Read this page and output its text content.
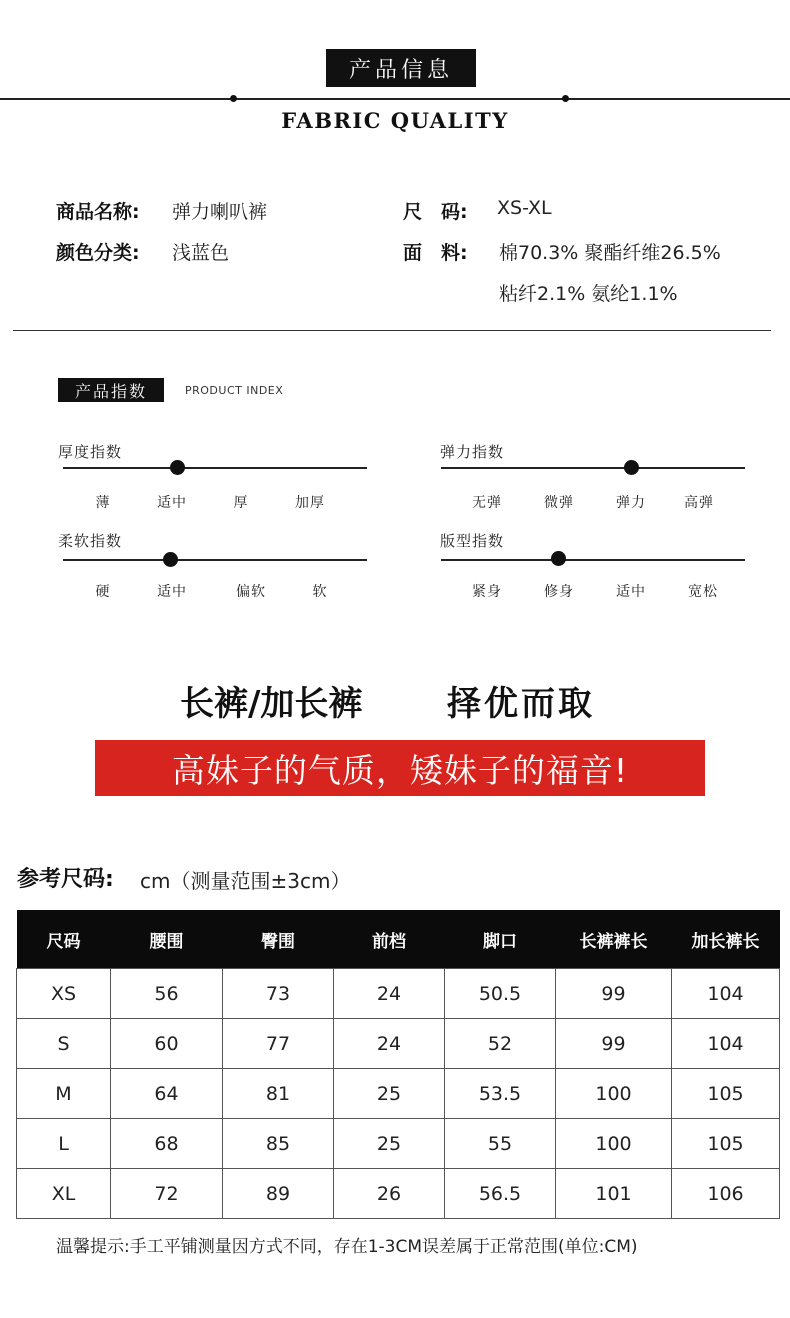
产品信息
FABRIC QUALITY
商品名称: 弹力喇叭裤
颜色分类: 浅蓝色
尺　码: XS-XL
面　料: 棉70.3% 聚酯纤维26.5%
粘纤2.1% 氨纶1.1%
产品指数	PRODUCT INDEX
厚度指数
薄	适中	厚	加厚
弹力指数
无弹	微弹	弹力	高弹
柔软指数
硬	适中	偏软	软
版型指数
紧身	修身	适中	宽松
长裤/加长裤 择优而取
高妹子的气质，矮妹子的福音!
参考尺码: cm（测量范围±3cm）
尺码	腰围	臀围	前档	脚口	长裤裤长	加长裤长
XS	56	73	24	50.5	99	104
S	60	77	24	52	99	104
M	64	81	25	53.5	100	105
L	68	85	25	55	100	105
XL	72	89	26	56.5	101	106
温馨提示:手工平铺测量因方式不同，存在1-3CM误差属于正常范围(单位:CM)
